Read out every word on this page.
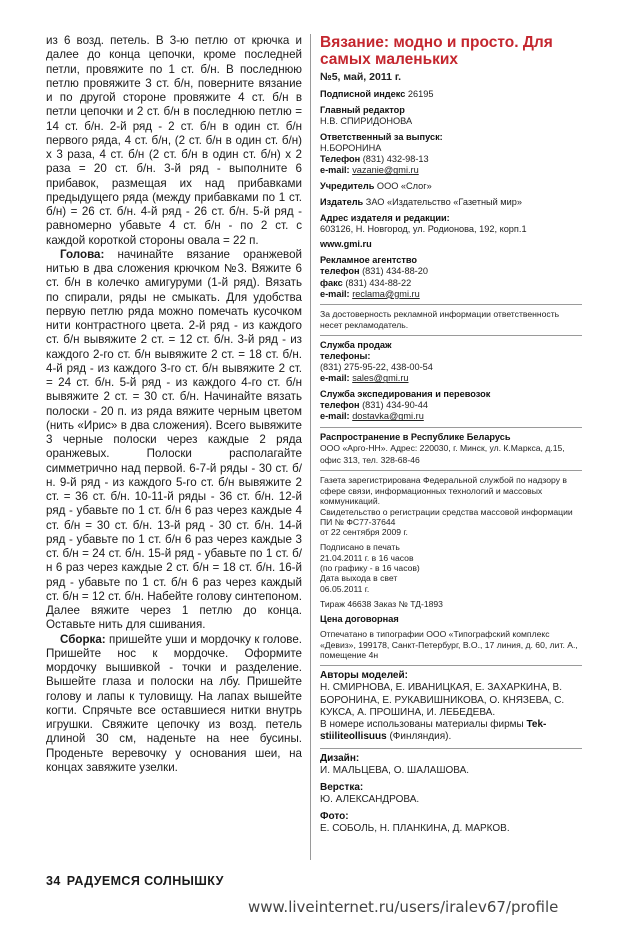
из 6 возд. петель. В 3-ю петлю от крючка и далее до конца цепочки, кроме последней петли, провяжите по 1 ст. б/н. В последнюю петлю провяжите 3 ст. б/н, поверните вязание и по другой стороне провяжите 4 ст. б/н в петли цепочки и 2 ст. б/н в последнюю петлю = 14 ст. б/н. 2-й ряд - 2 ст. б/н в один ст. б/н первого ряда, 4 ст. б/н, (2 ст. б/н в один ст. б/н) х 3 раза, 4 ст. б/н (2 ст. б/н в один ст. б/н) х 2 раза = 20 ст. б/н. 3-й ряд - выполните 6 прибавок, размещая их над прибавками предыдущего ряда (между прибавками по 1 ст. б/н) = 26 ст. б/н. 4-й ряд - 26 ст. б/н. 5-й ряд - равномерно убавьте 4 ст. б/н - по 2 ст. с каждой короткой стороны овала = 22 п.

Голова: начинайте вязание оранжевой нитью в два сложения крючком №3. Вяжите 6 ст. б/н в колечко амигуруми (1-й ряд). Вязать по спирали, ряды не смыкать. Для удобства первую петлю ряда можно помечать кусочком нити контрастного цвета. 2-й ряд - из каждого ст. б/н вывяжите 2 ст. = 12 ст. б/н. 3-й ряд - из каждого 2-го ст. б/н вывяжите 2 ст. = 18 ст. б/н. 4-й ряд - из каждого 3-го ст. б/н вывяжите 2 ст. = 24 ст. б/н. 5-й ряд - из каждого 4-го ст. б/н вывяжите 2 ст. = 30 ст. б/н. Начинайте вязать полоски - 20 п. из ряда вяжите черным цветом (нить «Ирис» в два сложения). Всего вывяжите 3 черные полоски через каждые 2 ряда оранжевых. Полоски располагайте симметрично над первой. 6-7-й ряды - 30 ст. б/н. 9-й ряд - из каждого 5-го ст. б/н вывяжите 2 ст. = 36 ст. б/н. 10-11-й ряды - 36 ст. б/н. 12-й ряд - убавьте по 1 ст. б/н 6 раз через каждые 4 ст. б/н = 30 ст. б/н. 13-й ряд - 30 ст. б/н. 14-й ряд - убавьте по 1 ст. б/н 6 раз через каждые 3 ст. б/н = 24 ст. б/н. 15-й ряд - убавьте по 1 ст. б/н 6 раз через каждые 2 ст. б/н = 18 ст. б/н. 16-й ряд - убавьте по 1 ст. б/н 6 раз через каждый ст. б/н = 12 ст. б/н. Набейте голову синтепоном. Далее вяжите через 1 петлю до конца. Оставьте нить для сшивания.

Сборка: пришейте уши и мордочку к голове. Пришейте нос к мордочке. Оформите мордочку вышивкой - точки и разделение. Вышейте глаза и полоски на лбу. Пришейте голову и лапы к туловищу. На лапах вышейте когти. Спрячьте все оставшиеся нитки внутрь игрушки. Свяжите цепочку из возд. петель длиной 30 см, наденьте на нее бусины. Проденьте веревочку у основания шеи, на концах завяжите узелки.

Вязание: модно и просто. Для самых маленьких
№5, май, 2011 г.
Подписной индекс 26195
Главный редактор
Н.В. СПИРИДОНОВА
Ответственный за выпуск:
Н.БОРОНИНА
Телефон (831) 432-98-13
e-mail: vazanie@gmi.ru
Учредитель ООО «Слог»
Издатель ЗАО «Издательство «Газетный мир»
Адрес издателя и редакции:
603126, Н. Новгород, ул. Родионова, 192, корп.1
www.gmi.ru
Рекламное агентство
телефон (831) 434-88-20
факс (831) 434-88-22
e-mail: reclama@gmi.ru
За достоверность рекламной информации ответственность несет рекламодатель.
Служба продаж
телефоны:
(831) 275-95-22, 438-00-54
e-mail: sales@gmi.ru
Служба экспедирования и перевозок
телефон (831) 434-90-44
e-mail: dostavka@gmi.ru
Распространение в Республике Беларусь
ООО «Арго-НН». Адрес: 220030, г. Минск, ул. К.Маркса, д.15, офис 313, тел. 328-68-46
Газета зарегистрирована Федеральной службой по надзору в сфере связи, информационных технологий и массовых коммуникаций.
Свидетельство о регистрации средства массовой информации
ПИ № ФС77-37644
от 22 сентября 2009 г.
Подписано в печать
21.04.2011 г. в 16 часов
(по графику - в 16 часов)
Дата выхода в свет
06.05.2011 г.
Тираж 46638 Заказ № ТД-1893
Цена договорная
Отпечатано в типографии ООО «Типографский комплекс «Девиз», 199178, Санкт-Петербург, В.О., 17 линия, д. 60, лит. А., помещение 4н
Авторы моделей:
Н. СМИРНОВА, Е. ИВАНИЦКАЯ, Е. ЗАХАРКИНА, В. БОРОНИНА, Е. РУКАВИШНИКОВА, О. КНЯЗЕВА, С. КУКСА, А. ПРОШИНА, И. ЛЕБЕДЕВА.
В номере использованы материалы фирмы Tek-stiiliteollisuus (Финляндия).
Дизайн:
И. МАЛЬЦЕВА, О. ШАЛАШОВА.
Верстка:
Ю. АЛЕКСАНДРОВА.
Фото:
Е. СОБОЛЬ, Н. ПЛАНКИНА, Д. МАРКОВ.
34 РАДУЕМСЯ СОЛНЫШКУ
www.liveinternet.ru/users/iralev67/profile
